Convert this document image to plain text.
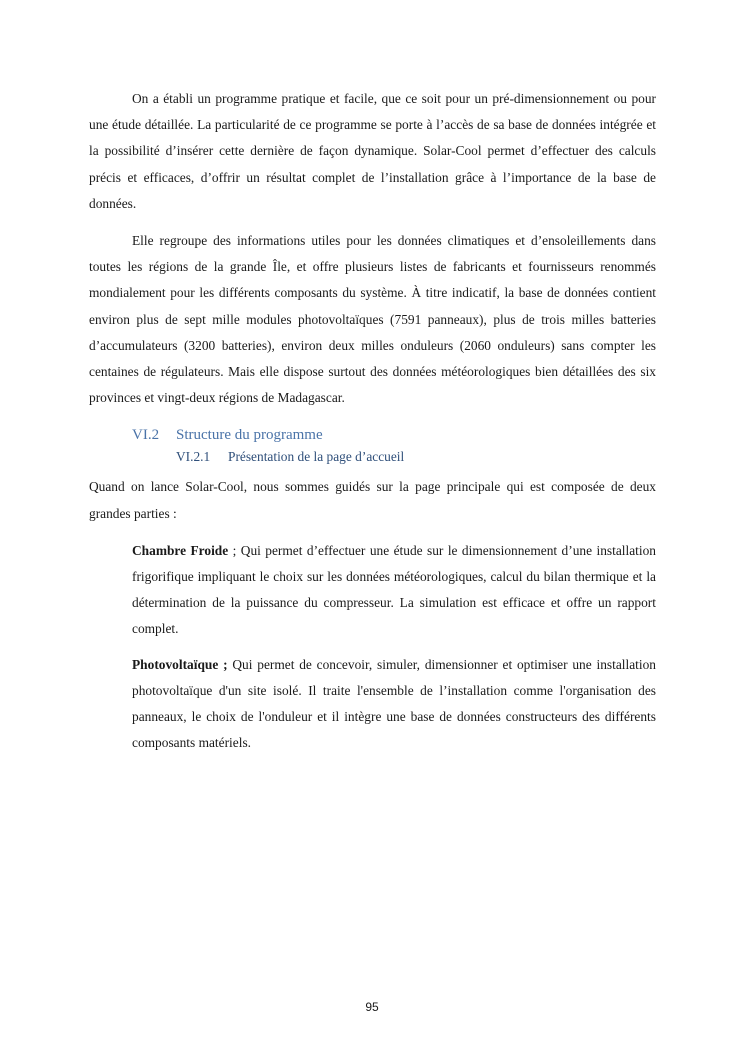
On a établi un programme pratique et facile, que ce soit pour un pré-dimensionnement ou pour une étude détaillée. La particularité de ce programme se porte à l’accès de sa base de données intégrée et la possibilité d’insérer cette dernière de façon dynamique. Solar-Cool permet d’effectuer des calculs précis et efficaces, d’offrir un résultat complet de l’installation grâce à l’importance de la base de données.

Elle regroupe des informations utiles pour les données climatiques et d’ensoleillements dans toutes les régions de la grande Île, et offre plusieurs listes de fabricants et fournisseurs renommés mondialement pour les différents composants du système. À titre indicatif, la base de données contient environ plus de sept mille modules photovoltaïques (7591 panneaux), plus de trois milles batteries d’accumulateurs (3200 batteries), environ deux milles onduleurs (2060 onduleurs) sans compter les centaines de régulateurs. Mais elle dispose surtout des données météorologiques bien détaillées des six provinces et vingt-deux régions de Madagascar.

VI.2 Structure du programme
VI.2.1 Présentation de la page d’accueil

Quand on lance Solar-Cool, nous sommes guidés sur la page principale qui est composée de deux grandes parties :

Chambre Froide ; Qui permet d’effectuer une étude sur le dimensionnement d’une installation frigorifique impliquant le choix sur les données météorologiques, calcul du bilan thermique et la détermination de la puissance du compresseur. La simulation est efficace et offre un rapport complet.

Photovoltaïque ; Qui permet de concevoir, simuler, dimensionner et optimiser une installation photovoltaïque d'un site isolé. Il traite l'ensemble de l’installation comme l'organisation des panneaux, le choix de l'onduleur et il intègre une base de données constructeurs des différents composants matériels.

95
